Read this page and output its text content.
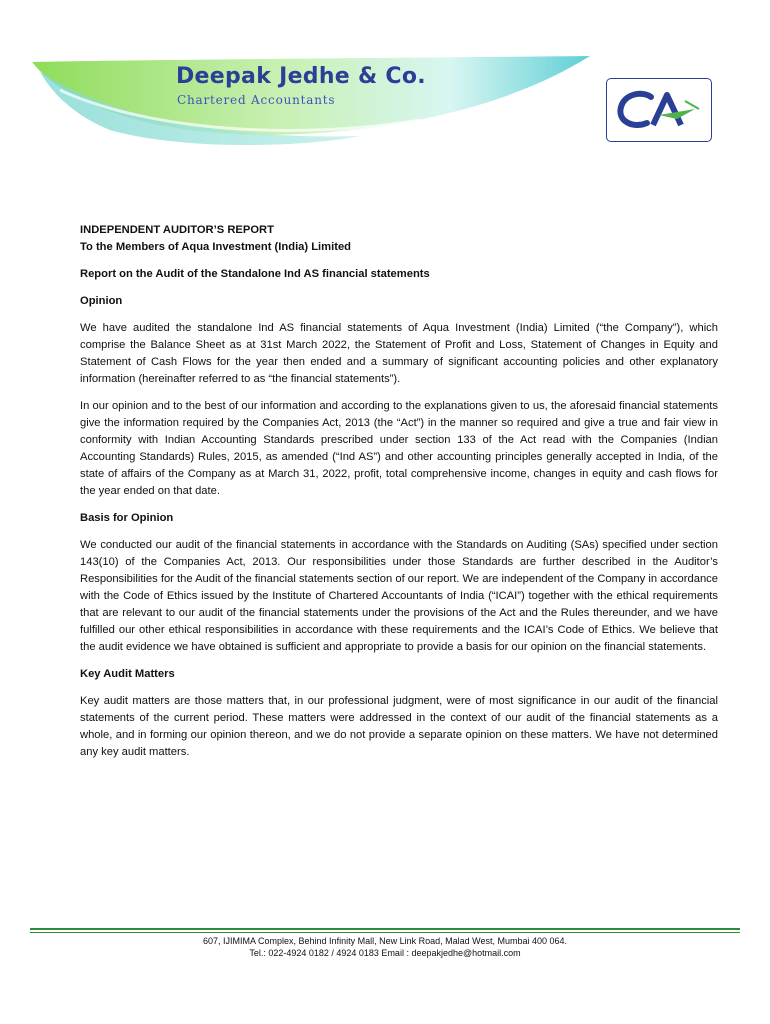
Deepak Jedhe & Co.
Chartered Accountants

INDEPENDENT AUDITOR’S REPORT

To the Members of Aqua Investment (India) Limited

Report on the Audit of the Standalone Ind AS financial statements

Opinion

We have audited the standalone Ind AS financial statements of Aqua Investment (India) Limited (“the Company”), which comprise the Balance Sheet as at 31st March 2022, the Statement of Profit and Loss, Statement of Changes in Equity and Statement of Cash Flows for the year then ended and a summary of significant accounting policies and other explanatory information (hereinafter referred to as “the financial statements”).

In our opinion and to the best of our information and according to the explanations given to us, the aforesaid financial statements give the information required by the Companies Act, 2013 (the “Act”) in the manner so required and give a true and fair view in conformity with Indian Accounting Standards prescribed under section 133 of the Act read with the Companies (Indian Accounting Standards) Rules, 2015, as amended (“Ind AS”) and other accounting principles generally accepted in India, of the state of affairs of the Company as at March 31, 2022, profit, total comprehensive income, changes in equity and cash flows for the year ended on that date.

Basis for Opinion

We conducted our audit of the financial statements in accordance with the Standards on Auditing (SAs) specified under section 143(10) of the Companies Act, 2013. Our responsibilities under those Standards are further described in the Auditor’s Responsibilities for the Audit of the financial statements section of our report. We are independent of the Company in accordance with the Code of Ethics issued by the Institute of Chartered Accountants of India (“ICAI”) together with the ethical requirements that are relevant to our audit of the financial statements under the provisions of the Act and the Rules thereunder, and we have fulfilled our other ethical responsibilities in accordance with these requirements and the ICAI’s Code of Ethics. We believe that the audit evidence we have obtained is sufficient and appropriate to provide a basis for our opinion on the financial statements.

Key Audit Matters

Key audit matters are those matters that, in our professional judgment, were of most significance in our audit of the financial statements of the current period. These matters were addressed in the context of our audit of the financial statements as a whole, and in forming our opinion thereon, and we do not provide a separate opinion on these matters. We have not determined any key audit matters.

607, IJIMIMA Complex, Behind Infinity Mall, New Link Road, Malad West, Mumbai 400 064.
Tel.: 022-4924 0182 / 4924 0183 Email : deepakjedhe@hotmail.com
